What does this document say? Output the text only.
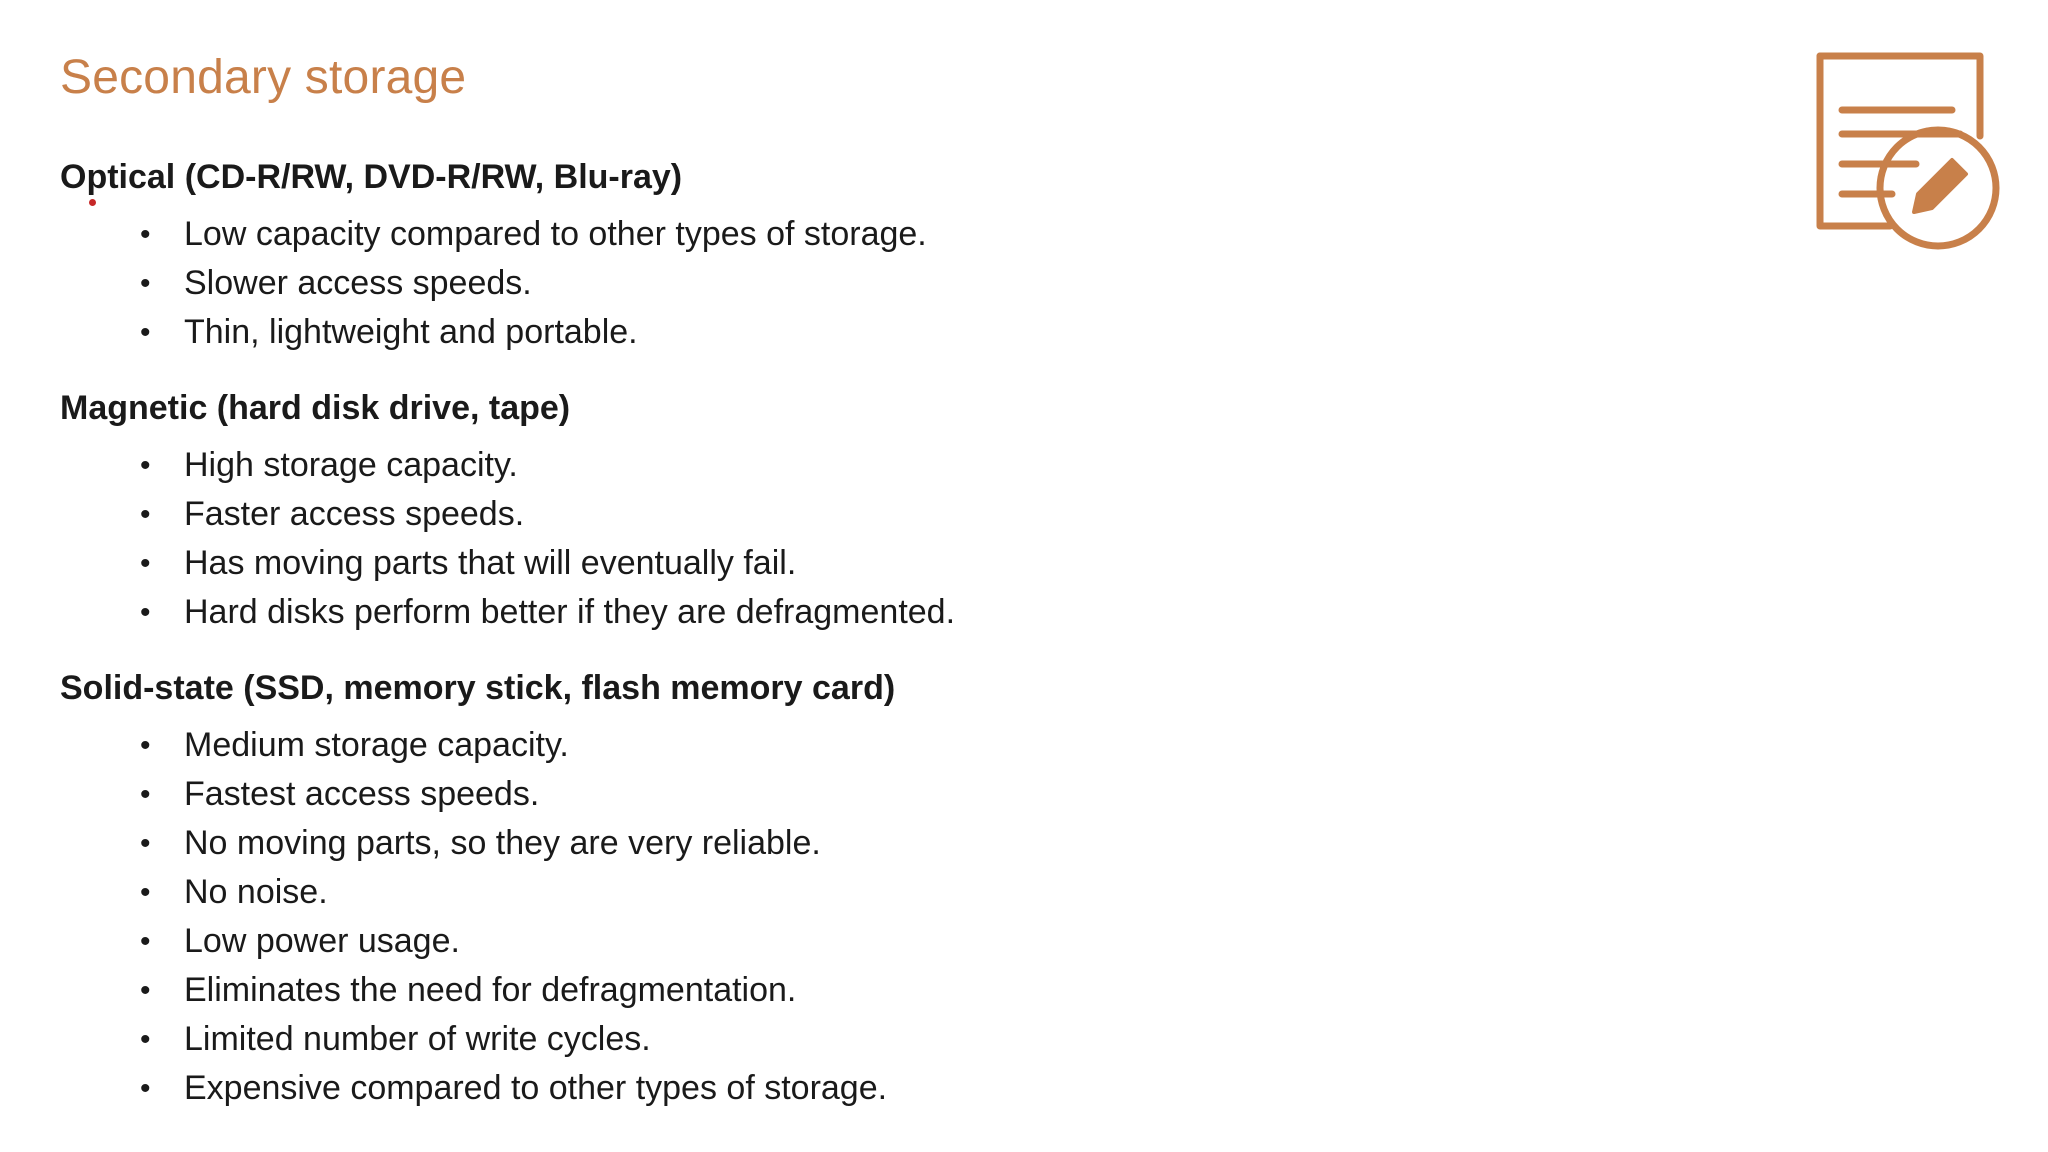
Secondary storage
Optical (CD-R/RW, DVD-R/RW, Blu-ray)
• Low capacity compared to other types of storage.
• Slower access speeds.
• Thin, lightweight and portable.
Magnetic (hard disk drive, tape)
• High storage capacity.
• Faster access speeds.
• Has moving parts that will eventually fail.
• Hard disks perform better if they are defragmented.
Solid-state (SSD, memory stick, flash memory card)
• Medium storage capacity.
• Fastest access speeds.
• No moving parts, so they are very reliable.
• No noise.
• Low power usage.
• Eliminates the need for defragmentation.
• Limited number of write cycles.
• Expensive compared to other types of storage.
